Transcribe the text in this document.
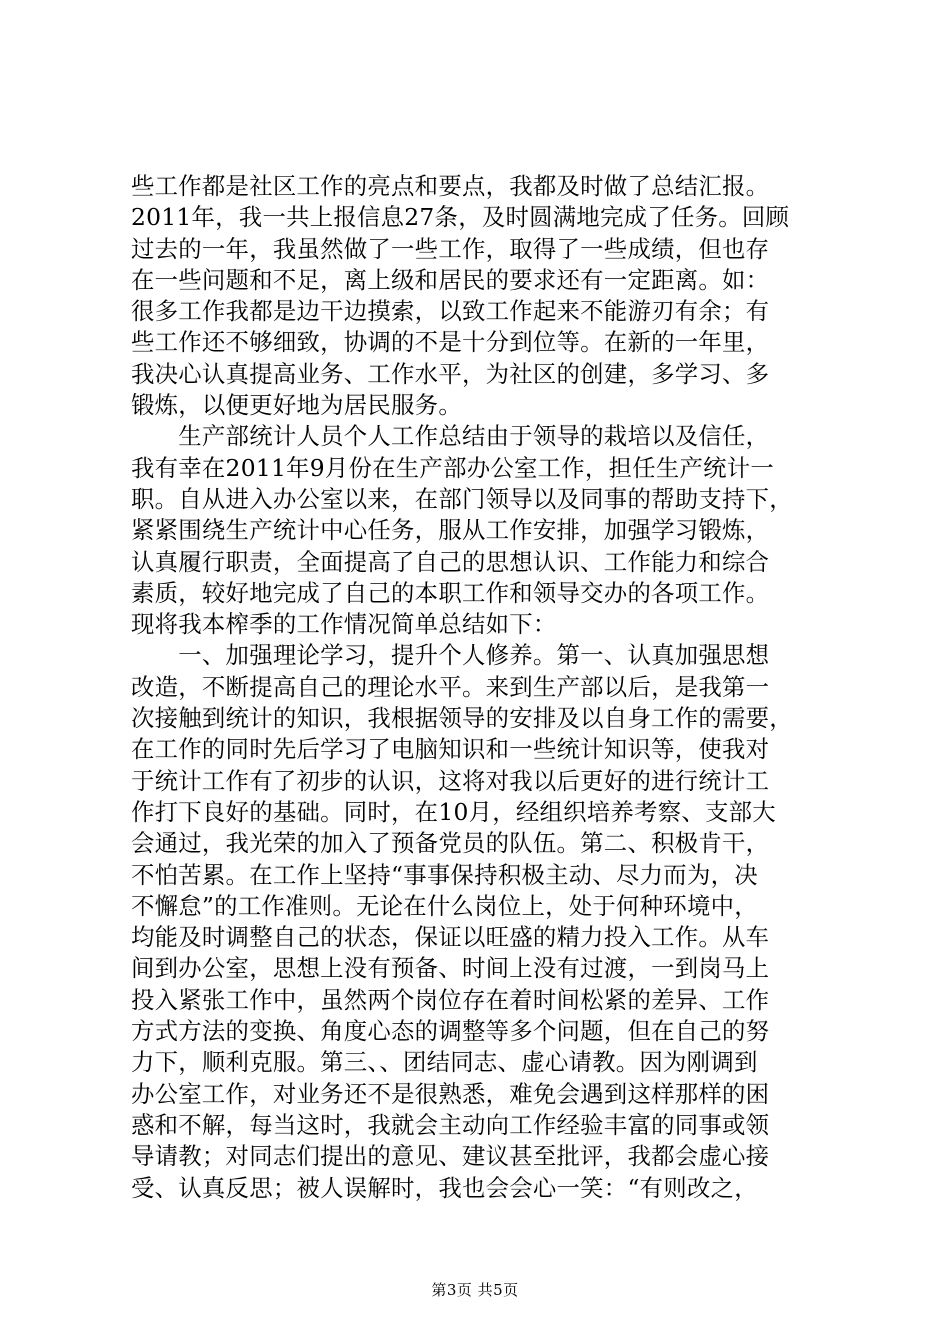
些工作都是社区工作的亮点和要点，我都及时做了总结汇报。
2011年，我一共上报信息27条，及时圆满地完成了任务。回顾
过去的一年，我虽然做了一些工作，取得了一些成绩，但也存
在一些问题和不足，离上级和居民的要求还有一定距离。如：
很多工作我都是边干边摸索，以致工作起来不能游刃有余；有
些工作还不够细致，协调的不是十分到位等。在新的一年里，
我决心认真提高业务、工作水平，为社区的创建，多学习、多
锻炼，以便更好地为居民服务。
　　生产部统计人员个人工作总结由于领导的栽培以及信任，
我有幸在2011年9月份在生产部办公室工作，担任生产统计一
职。自从进入办公室以来，在部门领导以及同事的帮助支持下，
紧紧围绕生产统计中心任务，服从工作安排，加强学习锻炼，
认真履行职责，全面提高了自己的思想认识、工作能力和综合
素质，较好地完成了自己的本职工作和领导交办的各项工作。
现将我本榨季的工作情况简单总结如下：
　　一、加强理论学习，提升个人修养。第一、认真加强思想
改造，不断提高自己的理论水平。来到生产部以后，是我第一
次接触到统计的知识，我根据领导的安排及以自身工作的需要，
在工作的同时先后学习了电脑知识和一些统计知识等，使我对
于统计工作有了初步的认识，这将对我以后更好的进行统计工
作打下良好的基础。同时，在10月，经组织培养考察、支部大
会通过，我光荣的加入了预备党员的队伍。第二、积极肯干，
不怕苦累。在工作上坚持“事事保持积极主动、尽力而为，决
不懈怠”的工作准则。无论在什么岗位上，处于何种环境中，
均能及时调整自己的状态，保证以旺盛的精力投入工作。从车
间到办公室，思想上没有预备、时间上没有过渡，一到岗马上
投入紧张工作中，虽然两个岗位存在着时间松紧的差异、工作
方式方法的变换、角度心态的调整等多个问题，但在自己的努
力下，顺利克服。第三、、团结同志、虚心请教。因为刚调到
办公室工作，对业务还不是很熟悉，难免会遇到这样那样的困
惑和不解，每当这时，我就会主动向工作经验丰富的同事或领
导请教；对同志们提出的意见、建议甚至批评，我都会虚心接
受、认真反思；被人误解时，我也会会心一笑：“有则改之，
第3页 共5页
